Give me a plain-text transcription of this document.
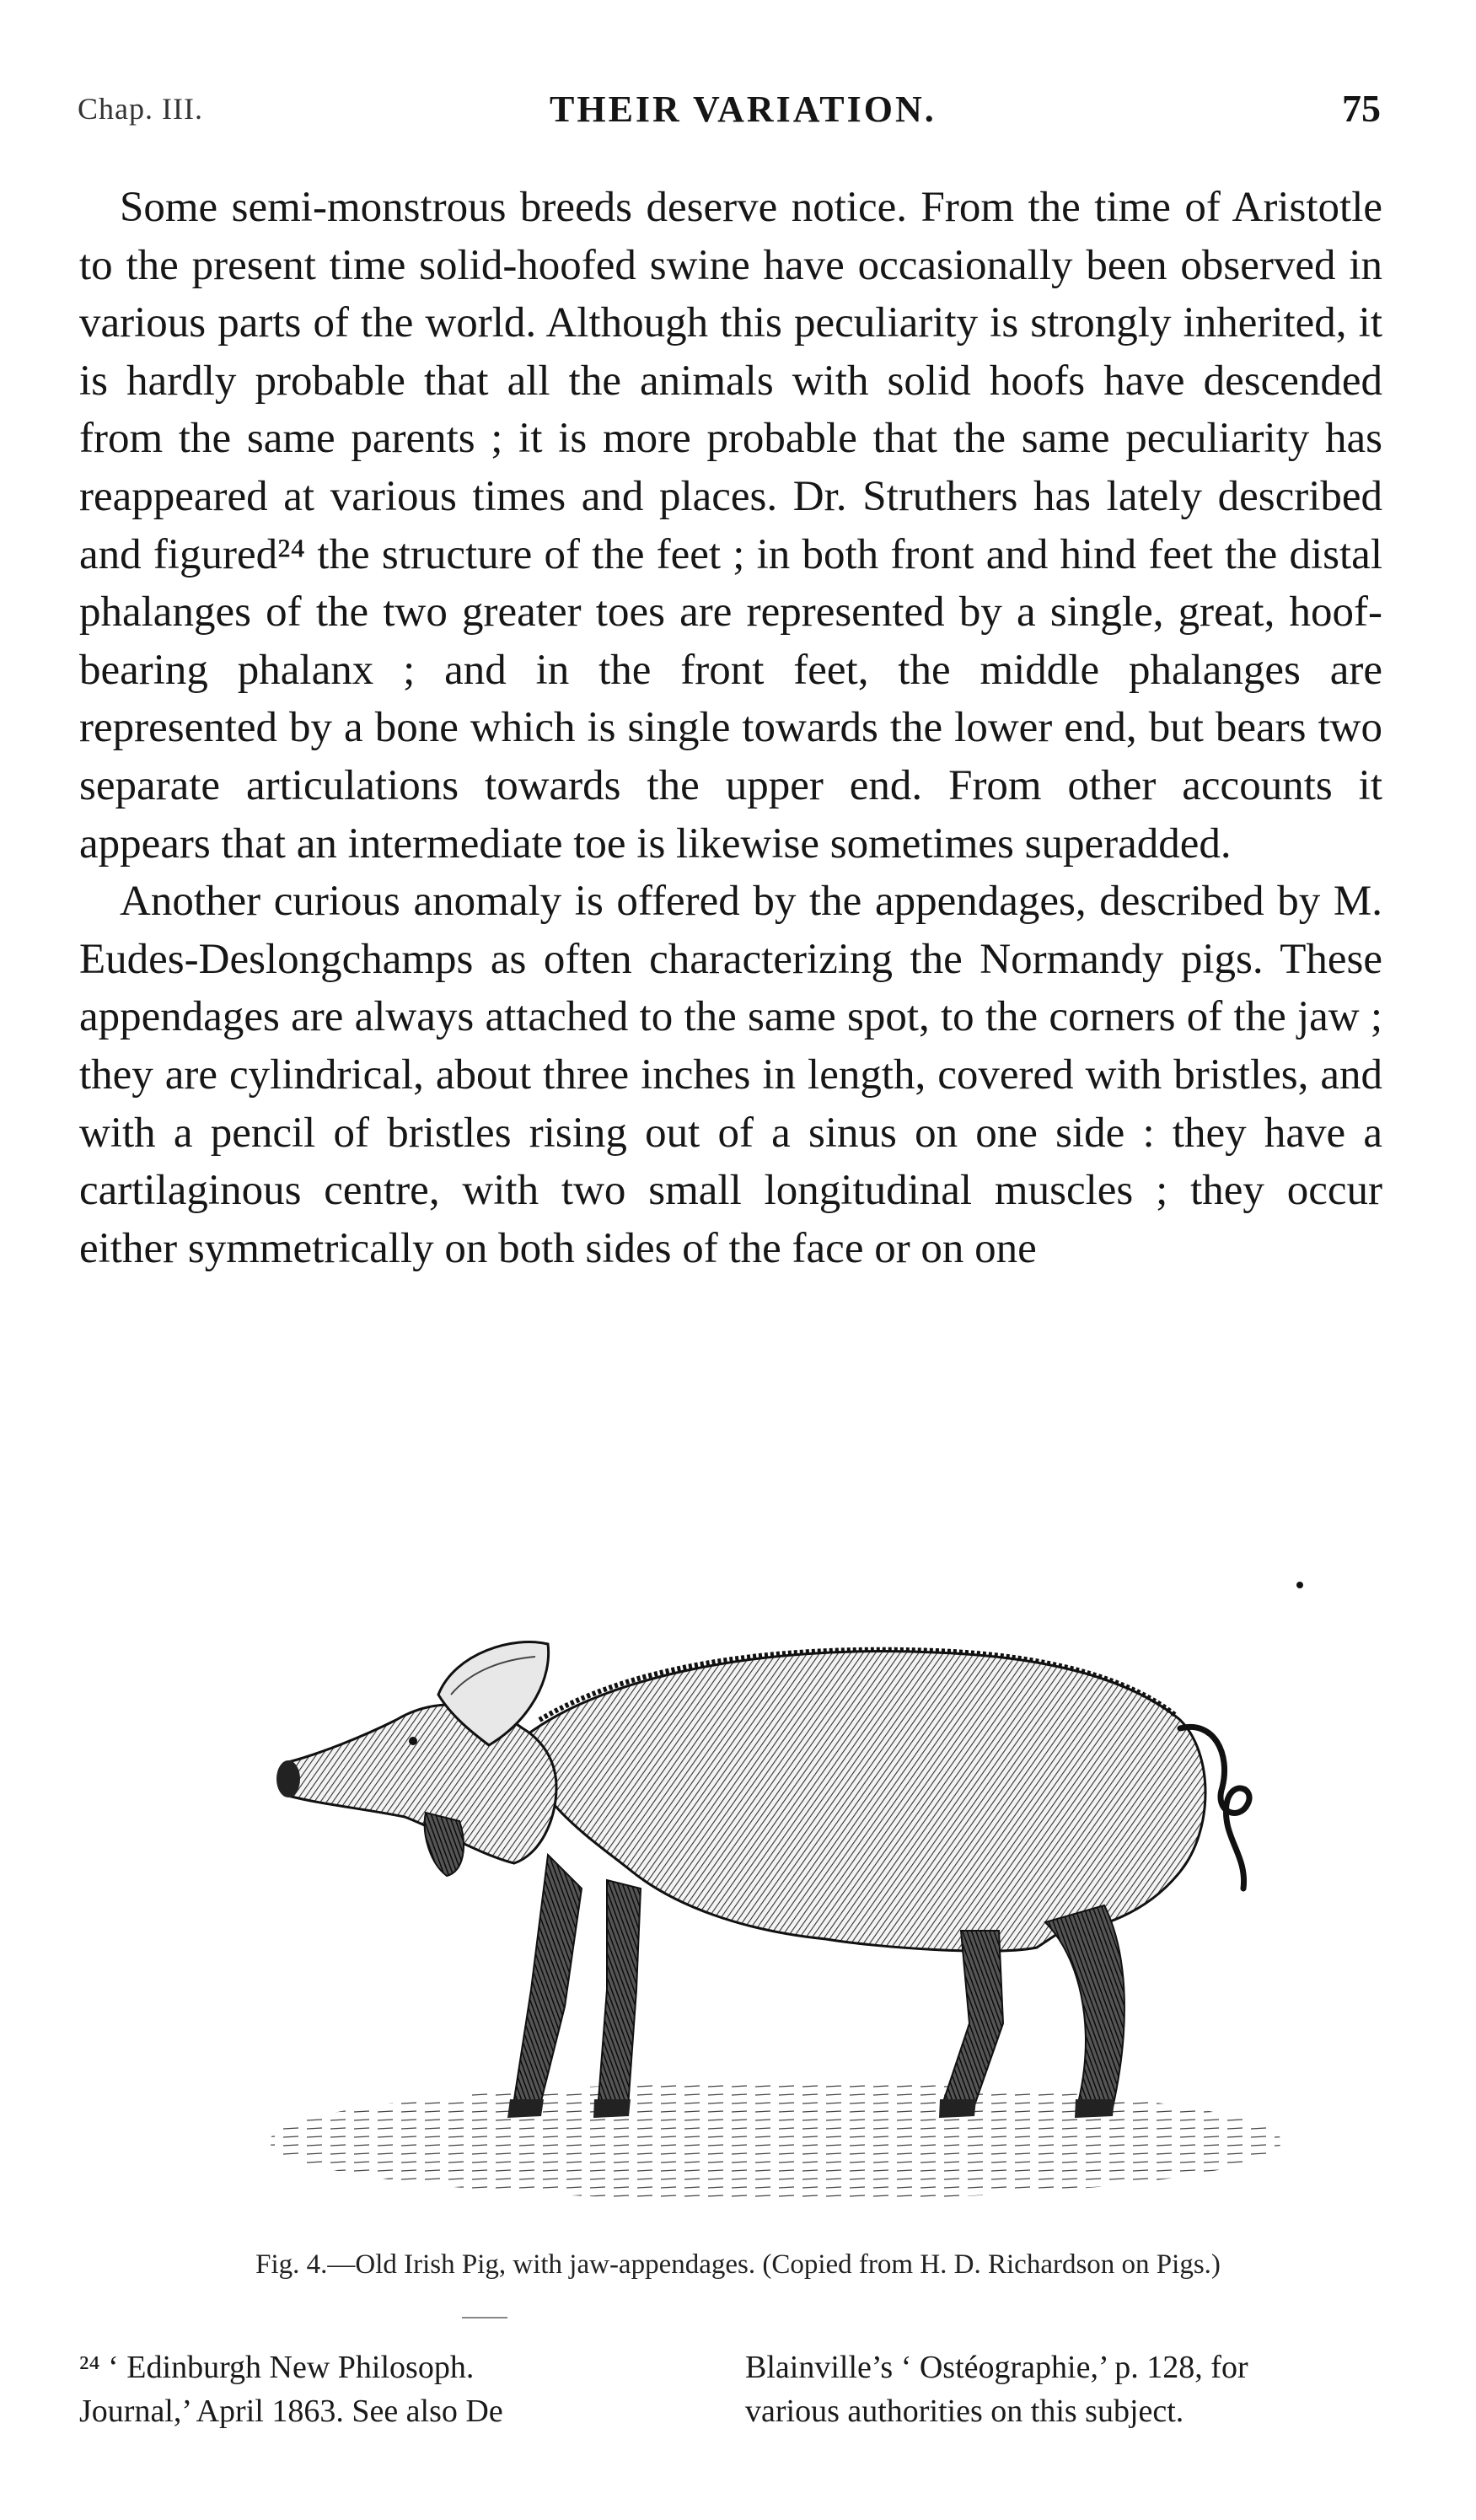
Chap. III.	THEIR VARIATION.	75

Some semi-monstrous breeds deserve notice. From the time of Aristotle to the present time solid-hoofed swine have occasionally been observed in various parts of the world. Although this peculiarity is strongly inherited, it is hardly probable that all the animals with solid hoofs have descended from the same parents ; it is more probable that the same peculiarity has reappeared at various times and places. Dr. Struthers has lately described and figured²⁴ the structure of the feet ; in both front and hind feet the distal phalanges of the two greater toes are represented by a single, great, hoof-bearing phalanx ; and in the front feet, the middle phalanges are represented by a bone which is single towards the lower end, but bears two separate articulations towards the upper end. From other accounts it appears that an intermediate toe is likewise sometimes superadded.

Another curious anomaly is offered by the appendages, described by M. Eudes-Deslongchamps as often characterizing the Normandy pigs. These appendages are always attached to the same spot, to the corners of the jaw ; they are cylindrical, about three inches in length, covered with bristles, and with a pencil of bristles rising out of a sinus on one side : they have a cartilaginous centre, with two small longitudinal muscles ; they occur either symmetrically on both sides of the face or on one

Fig. 4.—Old Irish Pig, with jaw-appendages. (Copied from H. D. Richardson on Pigs.)
²⁴ ‘ Edinburgh New Philosoph.
Journal,’ April 1863. See also De
Blainville’s ‘ Ostéographie,’ p. 128, for
various authorities on this subject.
